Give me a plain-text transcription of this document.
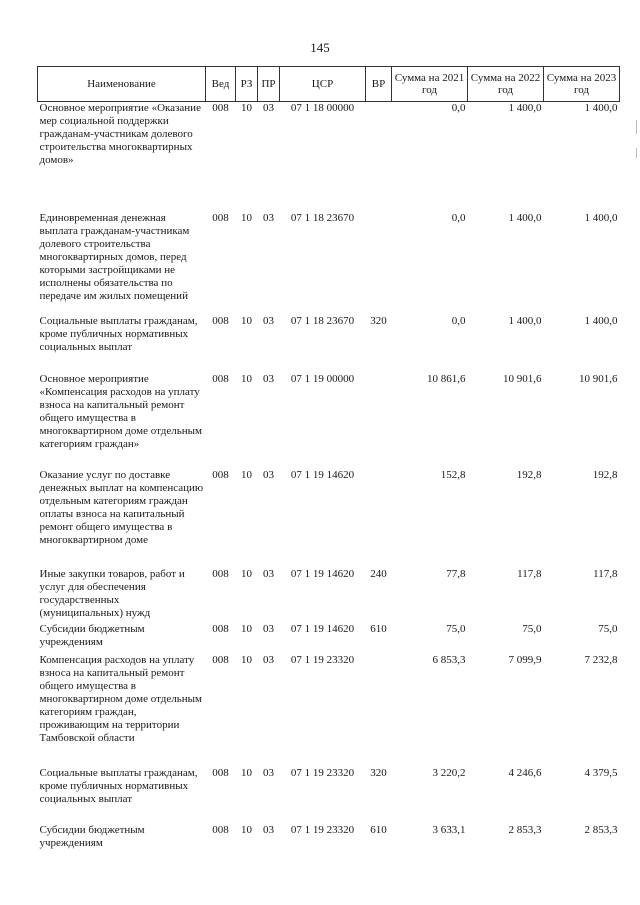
145
Наименование	Вед	РЗ	ПР	ЦСР	ВР	Сумма на 2021 год	Сумма на 2022 год	Сумма на 2023 год
Основное мероприятие «Оказание мер социальной поддержки гражданам-участникам долевого строительства многоквартирных домов»	008	10	03	07 1 18 00000		0,0	1 400,0	1 400,0
Единовременная денежная выплата гражданам-участникам долевого строительства многоквартирных домов, перед которыми застройщиками не исполнены обязательства по передаче им жилых помещений	008	10	03	07 1 18 23670		0,0	1 400,0	1 400,0
Социальные выплаты гражданам, кроме публичных нормативных социальных выплат	008	10	03	07 1 18 23670	320	0,0	1 400,0	1 400,0
Основное мероприятие «Компенсация расходов на уплату взноса на капитальный ремонт общего имущества в многоквартирном доме отдельным категориям граждан»	008	10	03	07 1 19 00000		10 861,6	10 901,6	10 901,6
Оказание услуг по доставке денежных выплат на компенсацию отдельным категориям граждан оплаты взноса на капитальный ремонт общего имущества в многоквартирном доме	008	10	03	07 1 19 14620		152,8	192,8	192,8
Иные закупки товаров, работ и услуг для обеспечения государственных (муниципальных) нужд	008	10	03	07 1 19 14620	240	77,8	117,8	117,8
Субсидии бюджетным учреждениям	008	10	03	07 1 19 14620	610	75,0	75,0	75,0
Компенсация расходов на уплату взноса на капитальный ремонт общего имущества в многоквартирном доме отдельным категориям граждан, проживающим на территории Тамбовской области	008	10	03	07 1 19 23320		6 853,3	7 099,9	7 232,8
Социальные выплаты гражданам, кроме публичных нормативных социальных выплат	008	10	03	07 1 19 23320	320	3 220,2	4 246,6	4 379,5
Субсидии бюджетным учреждениям	008	10	03	07 1 19 23320	610	3 633,1	2 853,3	2 853,3
